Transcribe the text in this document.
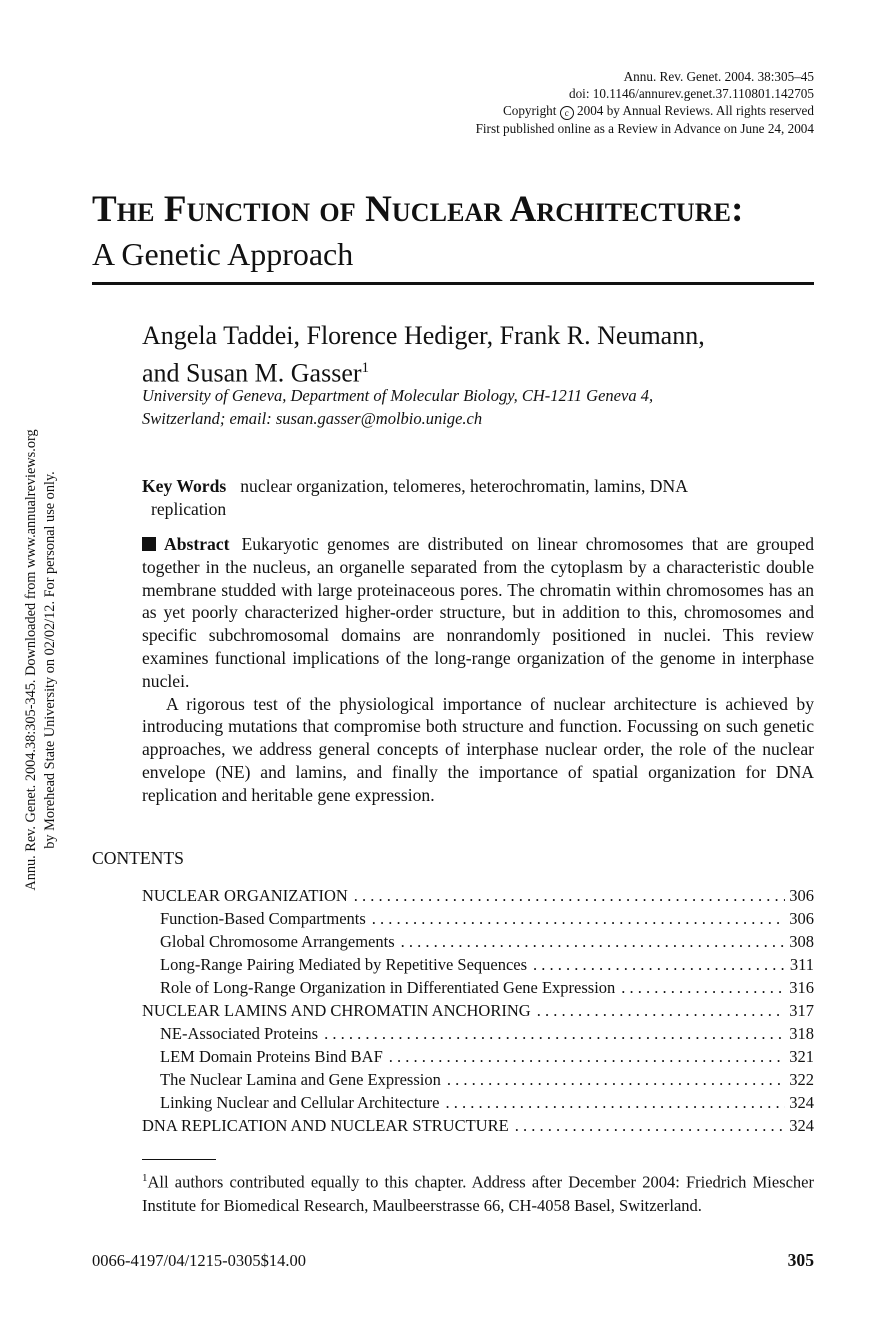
Annu. Rev. Genet. 2004. 38:305–45
doi: 10.1146/annurev.genet.37.110801.142705
Copyright c 2004 by Annual Reviews. All rights reserved
First published online as a Review in Advance on June 24, 2004
The Function of Nuclear Architecture:
A Genetic Approach
Angela Taddei, Florence Hediger, Frank R. Neumann,
and Susan M. Gasser$^1$
University of Geneva, Department of Molecular Biology, CH-1211 Geneva 4,
Switzerland; email: susan.gasser@molbio.unige.ch
Key Words nuclear organization, telomeres, heterochromatin, lamins, DNA
replication

Abstract Eukaryotic genomes are distributed on linear chromosomes that are grouped together in the nucleus, an organelle separated from the cytoplasm by a characteristic double membrane studded with large proteinaceous pores. The chromatin within chromosomes has an as yet poorly characterized higher-order structure, but in addition to this, chromosomes and specific subchromosomal domains are nonrandomly positioned in nuclei. This review examines functional implications of the long-range organization of the genome in interphase nuclei.

A rigorous test of the physiological importance of nuclear architecture is achieved by introducing mutations that compromise both structure and function. Focussing on such genetic approaches, we address general concepts of interphase nuclear order, the role of the nuclear envelope (NE) and lamins, and finally the importance of spatial organization for DNA replication and heritable gene expression.

CONTENTS
NUCLEAR ORGANIZATION . . .	306
Function-Based Compartments . . .	306
Global Chromosome Arrangements . . .	308
Long-Range Pairing Mediated by Repetitive Sequences . . .	311
Role of Long-Range Organization in Differentiated Gene Expression . . .	316
NUCLEAR LAMINS AND CHROMATIN ANCHORING . . .	317
NE-Associated Proteins . . .	318
LEM Domain Proteins Bind BAF . . .	321
The Nuclear Lamina and Gene Expression . . .	322
Linking Nuclear and Cellular Architecture . . .	324
DNA REPLICATION AND NUCLEAR STRUCTURE . . .	324
$^1$All authors contributed equally to this chapter. Address after December 2004: Friedrich Miescher Institute for Biomedical Research, Maulbeerstrasse 66, CH-4058 Basel, Switzerland.
0066-4197/04/1215-0305$14.00	305
Annu. Rev. Genet. 2004.38:305-345. Downloaded from www.annualreviews.org by Morehead State University on 02/02/12. For personal use only.
